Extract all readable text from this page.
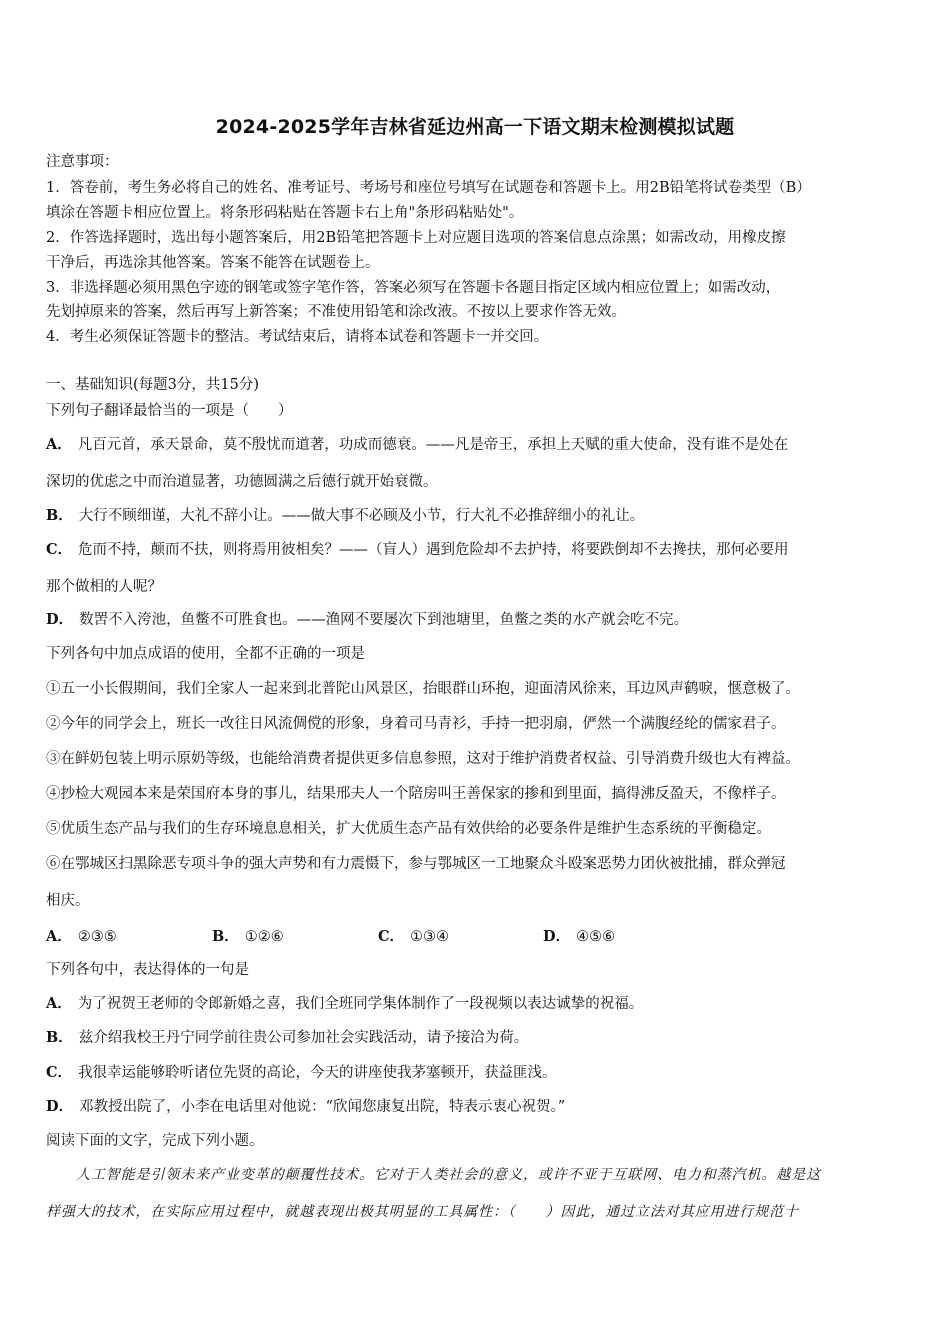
2024-2025学年吉林省延边州高一下语文期末检测模拟试题
注意事项：
1．答卷前，考生务必将自己的姓名、准考证号、考场号和座位号填写在试题卷和答题卡上。用2B铅笔将试卷类型（B）
填涂在答题卡相应位置上。将条形码粘贴在答题卡右上角"条形码粘贴处"。
2．作答选择题时，选出每小题答案后，用2B铅笔把答题卡上对应题目选项的答案信息点涂黑；如需改动，用橡皮擦
干净后，再选涂其他答案。答案不能答在试题卷上。
3．非选择题必须用黑色字迹的钢笔或签字笔作答，答案必须写在答题卡各题目指定区域内相应位置上；如需改动，
先划掉原来的答案，然后再写上新答案；不准使用铅笔和涂改液。不按以上要求作答无效。
4．考生必须保证答题卡的整洁。考试结束后，请将本试卷和答题卡一并交回。
一、基础知识(每题3分，共15分)
下列句子翻译最恰当的一项是（　　）
A． 凡百元首，承天景命，莫不殷忧而道著，功成而德衰。——凡是帝王，承担上天赋的重大使命，没有谁不是处在
深切的优虑之中而治道显著，功德圆满之后德行就开始衰微。
B． 大行不顾细谨，大礼不辞小让。——做大事不必顾及小节，行大礼不必推辞细小的礼让。
C． 危而不持，颠而不扶，则将焉用彼相矣？——（盲人）遇到危险却不去护持，将要跌倒却不去搀扶，那何必要用
那个做相的人呢？
D． 数罟不入洿池，鱼鳖不可胜食也。——渔网不要屡次下到池塘里，鱼鳖之类的水产就会吃不完。
下列各句中加点成语的使用，全都不正确的一项是
①五一小长假期间，我们全家人一起来到北普陀山风景区，抬眼群山环抱，迎面清风徐来，耳边风声鹤唳，惬意极了。
②今年的同学会上，班长一改往日风流倜傥的形象，身着司马青衫，手持一把羽扇，俨然一个满腹经纶的儒家君子。
③在鲜奶包装上明示原奶等级，也能给消费者提供更多信息参照，这对于维护消费者权益、引导消费升级也大有裨益。
④抄检大观园本来是荣国府本身的事儿，结果邢夫人一个陪房叫王善保家的掺和到里面，搞得沸反盈天，不像样子。
⑤优质生态产品与我们的生存环境息息相关，扩大优质生态产品有效供给的必要条件是维护生态系统的平衡稳定。
⑥在鄂城区扫黑除恶专项斗争的强大声势和有力震慑下，参与鄂城区一工地聚众斗殴案恶势力团伙被批捕，群众弹冠
相庆。
A． ②③⑤	B． ①②⑥	C． ①③④	D． ④⑤⑥
下列各句中，表达得体的一句是
A． 为了祝贺王老师的令郎新婚之喜，我们全班同学集体制作了一段视频以表达诚挚的祝福。
B． 兹介绍我校王丹宁同学前往贵公司参加社会实践活动，请予接洽为荷。
C． 我很幸运能够聆听诸位先贤的高论，今天的讲座使我茅塞顿开，获益匪浅。
D． 邓教授出院了，小李在电话里对他说：“欣闻您康复出院，特表示衷心祝贺。”
阅读下面的文字，完成下列小题。
人工智能是引领未来产业变革的颠覆性技术。它对于人类社会的意义，或许不亚于互联网、电力和蒸汽机。越是这
样强大的技术，在实际应用过程中，就越表现出极其明显的工具属性：（　　）因此，通过立法对其应用进行规范十
